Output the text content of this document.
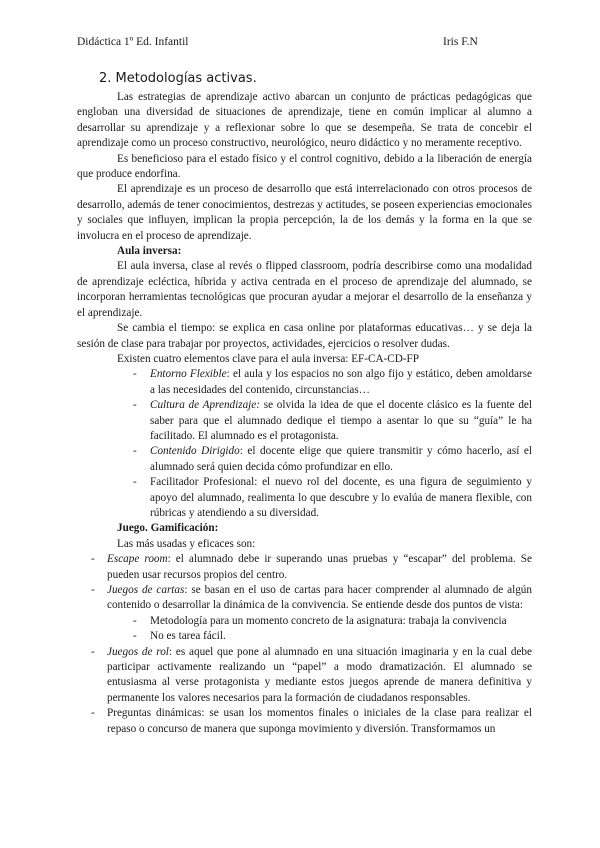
Didáctica 1º Ed. Infantil	Iris F.N
2. Metodologías activas.

Las estrategias de aprendizaje activo abarcan un conjunto de prácticas pedagógicas que engloban una diversidad de situaciones de aprendizaje, tiene en común implicar al alumno a desarrollar su aprendizaje y a reflexionar sobre lo que se desempeña. Se trata de concebir el aprendizaje como un proceso constructivo, neurológico, neuro didáctico y no meramente receptivo.

Es beneficioso para el estado físico y el control cognitivo, debido a la liberación de energía que produce endorfina.

El aprendizaje es un proceso de desarrollo que está interrelacionado con otros procesos de desarrollo, además de tener conocimientos, destrezas y actitudes, se poseen experiencias emocionales y sociales que influyen, implican la propia percepción, la de los demás y la forma en la que se involucra en el proceso de aprendizaje.

Aula inversa:

El aula inversa, clase al revés o flipped classroom, podría describirse como una modalidad de aprendizaje ecléctica, híbrida y activa centrada en el proceso de aprendizaje del alumnado, se incorporan herramientas tecnológicas que procuran ayudar a mejorar el desarrollo de la enseñanza y el aprendizaje.

Se cambia el tiempo: se explica en casa online por plataformas educativas… y se deja la sesión de clase para trabajar por proyectos, actividades, ejercicios o resolver dudas.

Existen cuatro elementos clave para el aula inversa: EF-CA-CD-FP
- Entorno Flexible: el aula y los espacios no son algo fijo y estático, deben amoldarse a las necesidades del contenido, circunstancias…
- Cultura de Aprendizaje: se olvida la idea de que el docente clásico es la fuente del saber para que el alumnado dedique el tiempo a asentar lo que su “guía” le ha facilitado. El alumnado es el protagonista.
- Contenido Dirigido: el docente elige que quiere transmitir y cómo hacerlo, así el alumnado será quien decida cómo profundizar en ello.
- Facilitador Profesional: el nuevo rol del docente, es una figura de seguimiento y apoyo del alumnado, realimenta lo que descubre y lo evalúa de manera flexible, con rúbricas y atendiendo a su diversidad.
Juego. Gamificación:
Las más usadas y eficaces son:
- Escape room: el alumnado debe ir superando unas pruebas y “escapar” del problema. Se pueden usar recursos propios del centro.
- Juegos de cartas: se basan en el uso de cartas para hacer comprender al alumnado de algún contenido o desarrollar la dinámica de la convivencia. Se entiende desde dos puntos de vista:
- Metodología para un momento concreto de la asignatura: trabaja la convivencia
- No es tarea fácil.
- Juegos de rol: es aquel que pone al alumnado en una situación imaginaria y en la cual debe participar activamente realizando un “papel” a modo dramatización. El alumnado se entusiasma al verse protagonista y mediante estos juegos aprende de manera definitiva y permanente los valores necesarios para la formación de ciudadanos responsables.
- Preguntas dinámicas: se usan los momentos finales o iniciales de la clase para realizar el repaso o concurso de manera que suponga movimiento y diversión. Transformamos un
